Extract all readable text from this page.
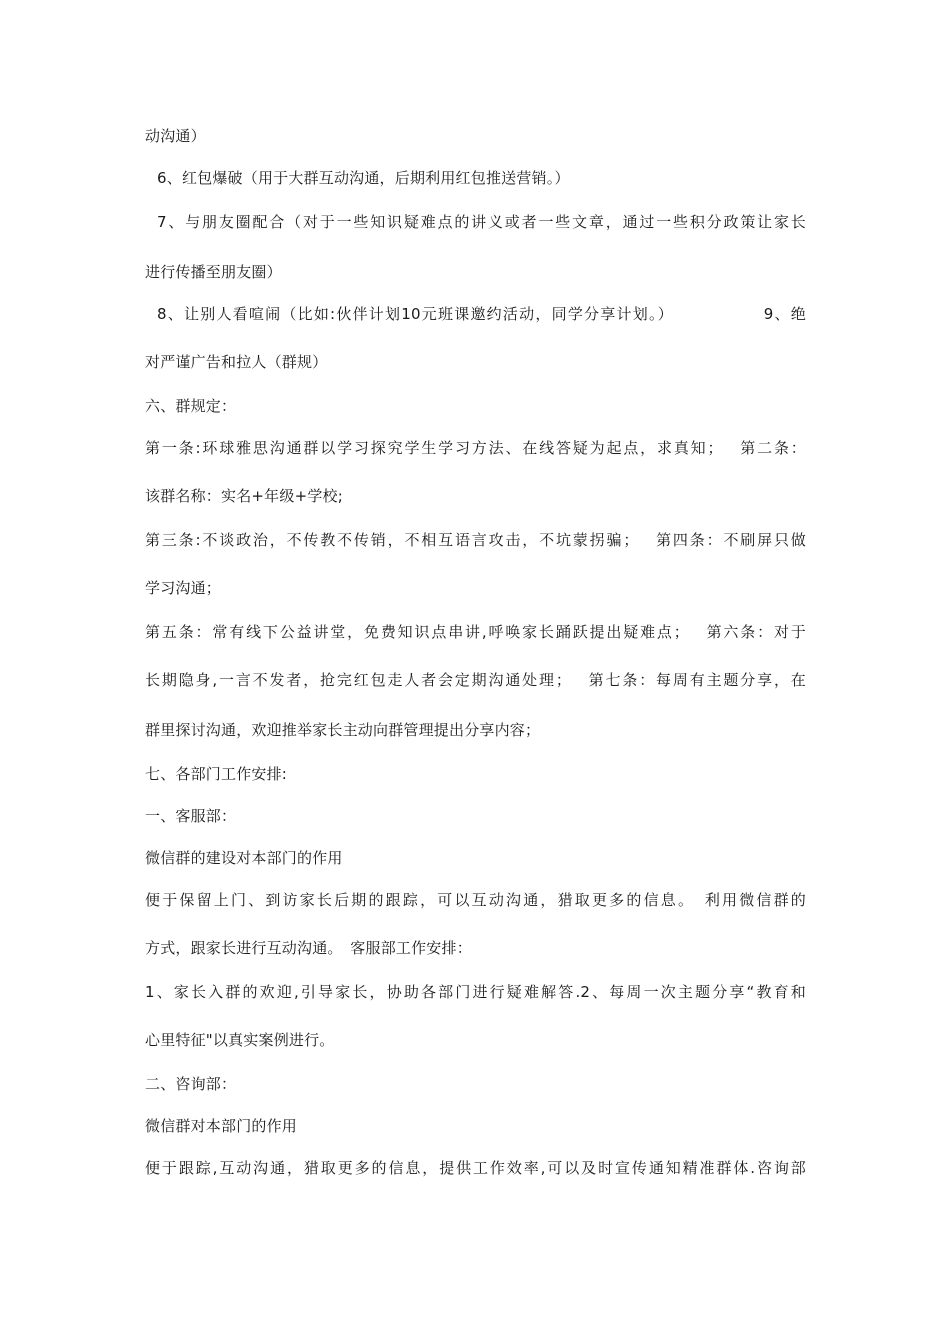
动沟通）
6、红包爆破（用于大群互动沟通，后期利用红包推送营销。）
7、与朋友圈配合（对于一些知识疑难点的讲义或者一些文章，通过一些积分政策让家长
进行传播至朋友圈）
8、让别人看喧闹（比如:伙伴计划10元班课邀约活动，同学分享计划。）　　　　　　9、绝
对严谨广告和拉人（群规）
六、群规定：
第一条:环球雅思沟通群以学习探究学生学习方法、在线答疑为起点，求真知；　 第二条：
该群名称：实名+年级+学校;
第三条:不谈政治，不传教不传销，不相互语言攻击，不坑蒙拐骗；　 第四条：不刷屏只做
学习沟通；
第五条：常有线下公益讲堂，免费知识点串讲,呼唤家长踊跃提出疑难点；　 第六条：对于
长期隐身,一言不发者，抢完红包走人者会定期沟通处理；　 第七条：每周有主题分享，在
群里探讨沟通，欢迎推举家长主动向群管理提出分享内容；
七、各部门工作安排:
一、客服部：
微信群的建设对本部门的作用
便于保留上门、到访家长后期的跟踪，可以互动沟通，猎取更多的信息。　利用微信群的
方式，跟家长进行互动沟通。　客服部工作安排：
1、家长入群的欢迎,引导家长，协助各部门进行疑难解答.2、每周一次主题分享“教育和
心里特征"以真实案例进行。
二、咨询部：
微信群对本部门的作用
便于跟踪,互动沟通，猎取更多的信息，提供工作效率,可以及时宣传通知精准群体.咨询部
